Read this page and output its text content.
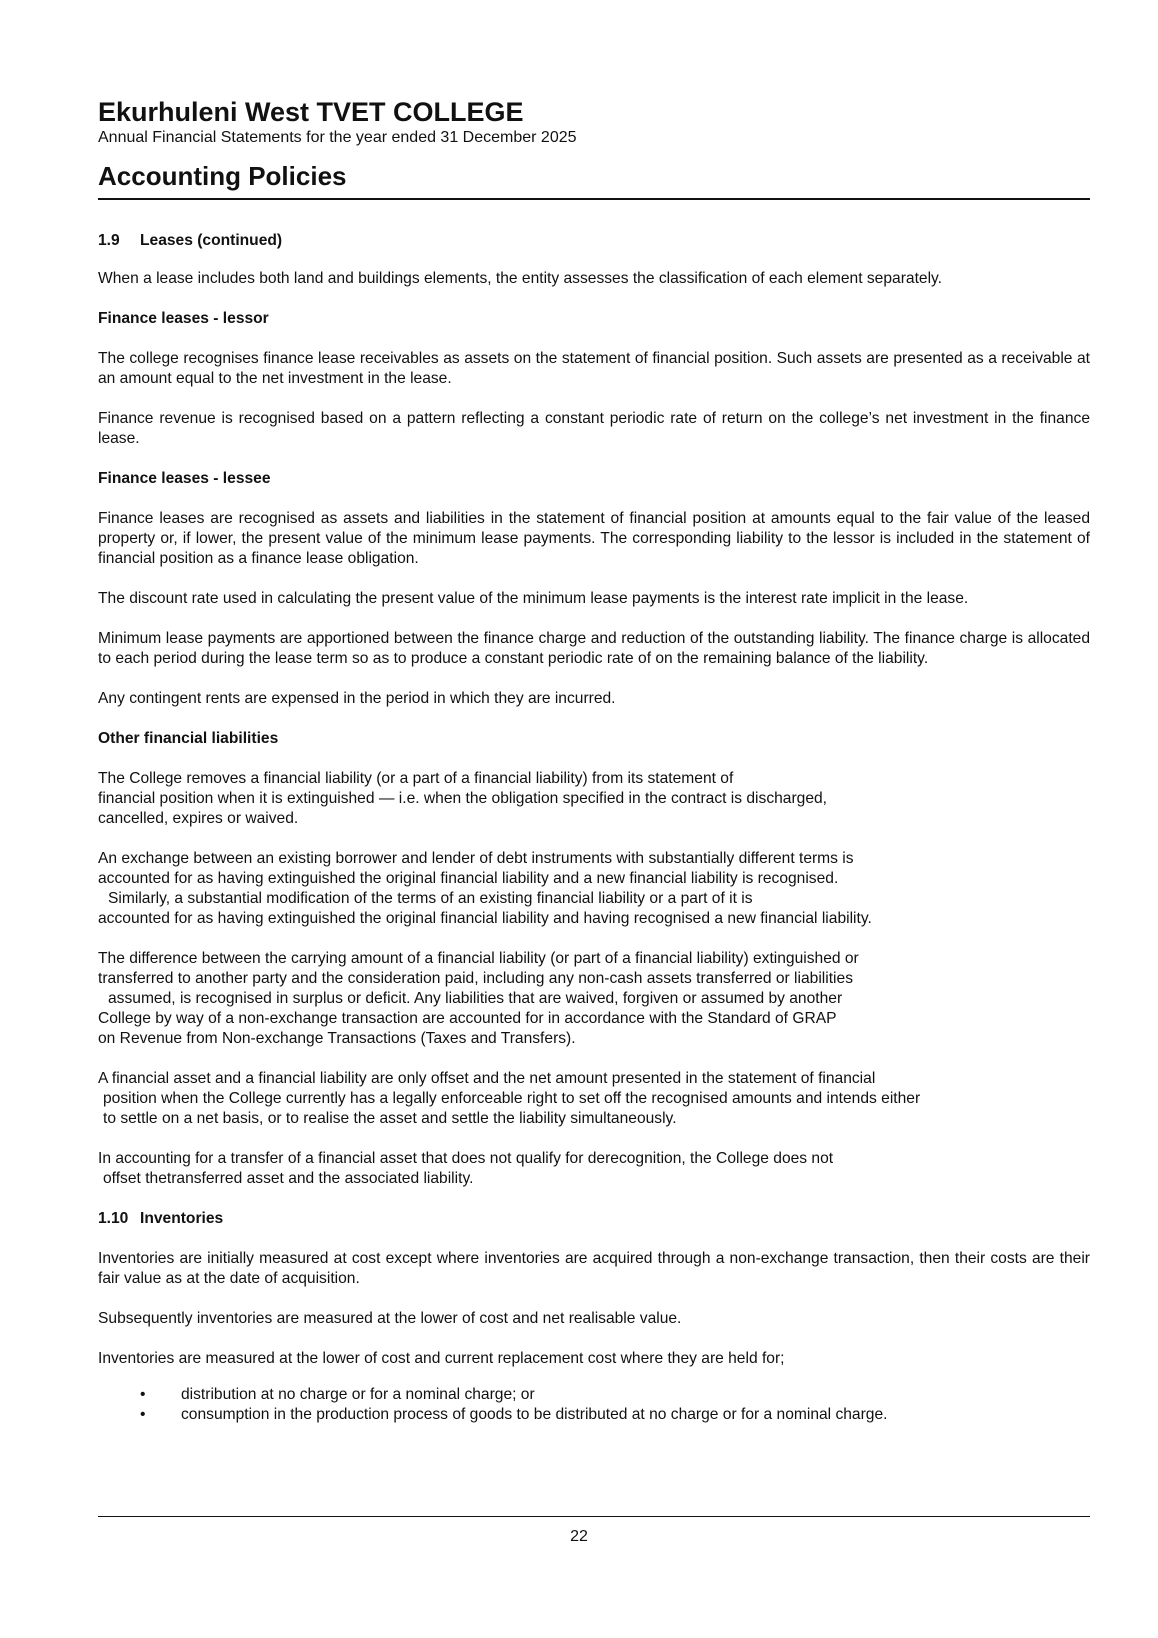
Ekurhuleni West TVET COLLEGE
Annual Financial Statements for the year ended 31 December 2025
Accounting Policies
1.9 Leases (continued)

When a lease includes both land and buildings elements, the entity assesses the classification of each element separately.

Finance leases - lessor

The college recognises finance lease receivables as assets on the statement of financial position. Such assets are presented as a receivable at an amount equal to the net investment in the lease.

Finance revenue is recognised based on a pattern reflecting a constant periodic rate of return on the college’s net investment in the finance lease.

Finance leases - lessee

Finance leases are recognised as assets and liabilities in the statement of financial position at amounts equal to the fair value of the leased property or, if lower, the present value of the minimum lease payments. The corresponding liability to the lessor is included in the statement of financial position as a finance lease obligation.

The discount rate used in calculating the present value of the minimum lease payments is the interest rate implicit in the lease.

Minimum lease payments are apportioned between the finance charge and reduction of the outstanding liability. The finance charge is allocated to each period during the lease term so as to produce a constant periodic rate of on the remaining balance of the liability.

Any contingent rents are expensed in the period in which they are incurred.

Other financial liabilities
The College removes a financial liability (or a part of a financial liability) from its statement of
financial position when it is extinguished — i.e. when the obligation specified in the contract is discharged,
cancelled, expires or waived.
An exchange between an existing borrower and lender of debt instruments with substantially different terms is
accounted for as having extinguished the original financial liability and a new financial liability is recognised.
Similarly, a substantial modification of the terms of an existing financial liability or a part of it is
accounted for as having extinguished the original financial liability and having recognised a new financial liability.
The difference between the carrying amount of a financial liability (or part of a financial liability) extinguished or
transferred to another party and the consideration paid, including any non-cash assets transferred or liabilities
assumed, is recognised in surplus or deficit. Any liabilities that are waived, forgiven or assumed by another
College by way of a non-exchange transaction are accounted for in accordance with the Standard of GRAP
on Revenue from Non-exchange Transactions (Taxes and Transfers).
A financial asset and a financial liability are only offset and the net amount presented in the statement of financial
position when the College currently has a legally enforceable right to set off the recognised amounts and intends either
to settle on a net basis, or to realise the asset and settle the liability simultaneously.
In accounting for a transfer of a financial asset that does not qualify for derecognition, the College does not
offset thetransferred asset and the associated liability.
1.10 Inventories

Inventories are initially measured at cost except where inventories are acquired through a non-exchange transaction, then their costs are their fair value as at the date of acquisition.

Subsequently inventories are measured at the lower of cost and net realisable value.

Inventories are measured at the lower of cost and current replacement cost where they are held for;

• distribution at no charge or for a nominal charge; or
• consumption in the production process of goods to be distributed at no charge or for a nominal charge.
22
